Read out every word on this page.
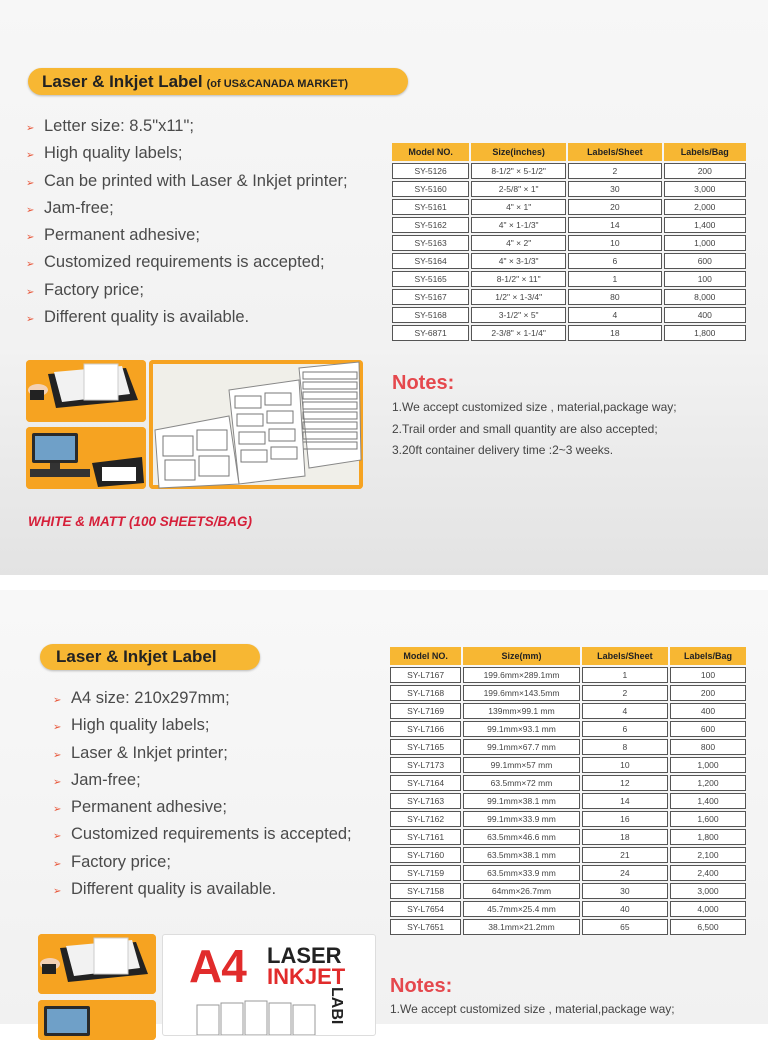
Laser & Inkjet Label (of US&CANADA MARKET)
➢ Letter size: 8.5"x11";
➢ High quality labels;
➢ Can be printed with Laser & Inkjet printer;
➢ Jam-free;
➢ Permanent adhesive;
➢ Customized requirements is accepted;
➢ Factory price;
➢ Different quality is available.
Model NO.	Size(inches)	Labels/Sheet	Labels/Bag
SY-5126	8-1/2" × 5-1/2"	2	200
SY-5160	2-5/8" × 1"	30	3,000
SY-5161	4" × 1"	20	2,000
SY-5162	4" × 1-1/3"	14	1,400
SY-5163	4" × 2"	10	1,000
SY-5164	4" × 3-1/3"	6	600
SY-5165	8-1/2" × 11"	1	100
SY-5167	1/2" × 1-3/4"	80	8,000
SY-5168	3-1/2" × 5"	4	400
SY-6871	2-3/8" × 1-1/4"	18	1,800
Notes:
1.We accept customized size , material,package way;
2.Trail order and small quantity are also accepted;
3.20ft container delivery time :2~3 weeks.
WHITE & MATT (100 SHEETS/BAG)
Laser & Inkjet Label
➢ A4 size: 210x297mm;
➢ High quality labels;
➢ Laser & Inkjet printer;
➢ Jam-free;
➢ Permanent adhesive;
➢ Customized requirements is accepted;
➢ Factory price;
➢ Different quality is available.
Model NO.	Size(mm)	Labels/Sheet	Labels/Bag
SY-L7167	199.6mm×289.1mm	1	100
SY-L7168	199.6mm×143.5mm	2	200
SY-L7169	139mm×99.1 mm	4	400
SY-L7166	99.1mm×93.1 mm	6	600
SY-L7165	99.1mm×67.7 mm	8	800
SY-L7173	99.1mm×57 mm	10	1,000
SY-L7164	63.5mm×72 mm	12	1,200
SY-L7163	99.1mm×38.1 mm	14	1,400
SY-L7162	99.1mm×33.9 mm	16	1,600
SY-L7161	63.5mm×46.6 mm	18	1,800
SY-L7160	63.5mm×38.1 mm	21	2,100
SY-L7159	63.5mm×33.9 mm	24	2,400
SY-L7158	64mm×26.7mm	30	3,000
SY-L7654	45.7mm×25.4 mm	40	4,000
SY-L7651	38.1mm×21.2mm	65	6,500
A4 LASER
INKJET
LABI
Notes:
1.We accept customized size , material,package way;
